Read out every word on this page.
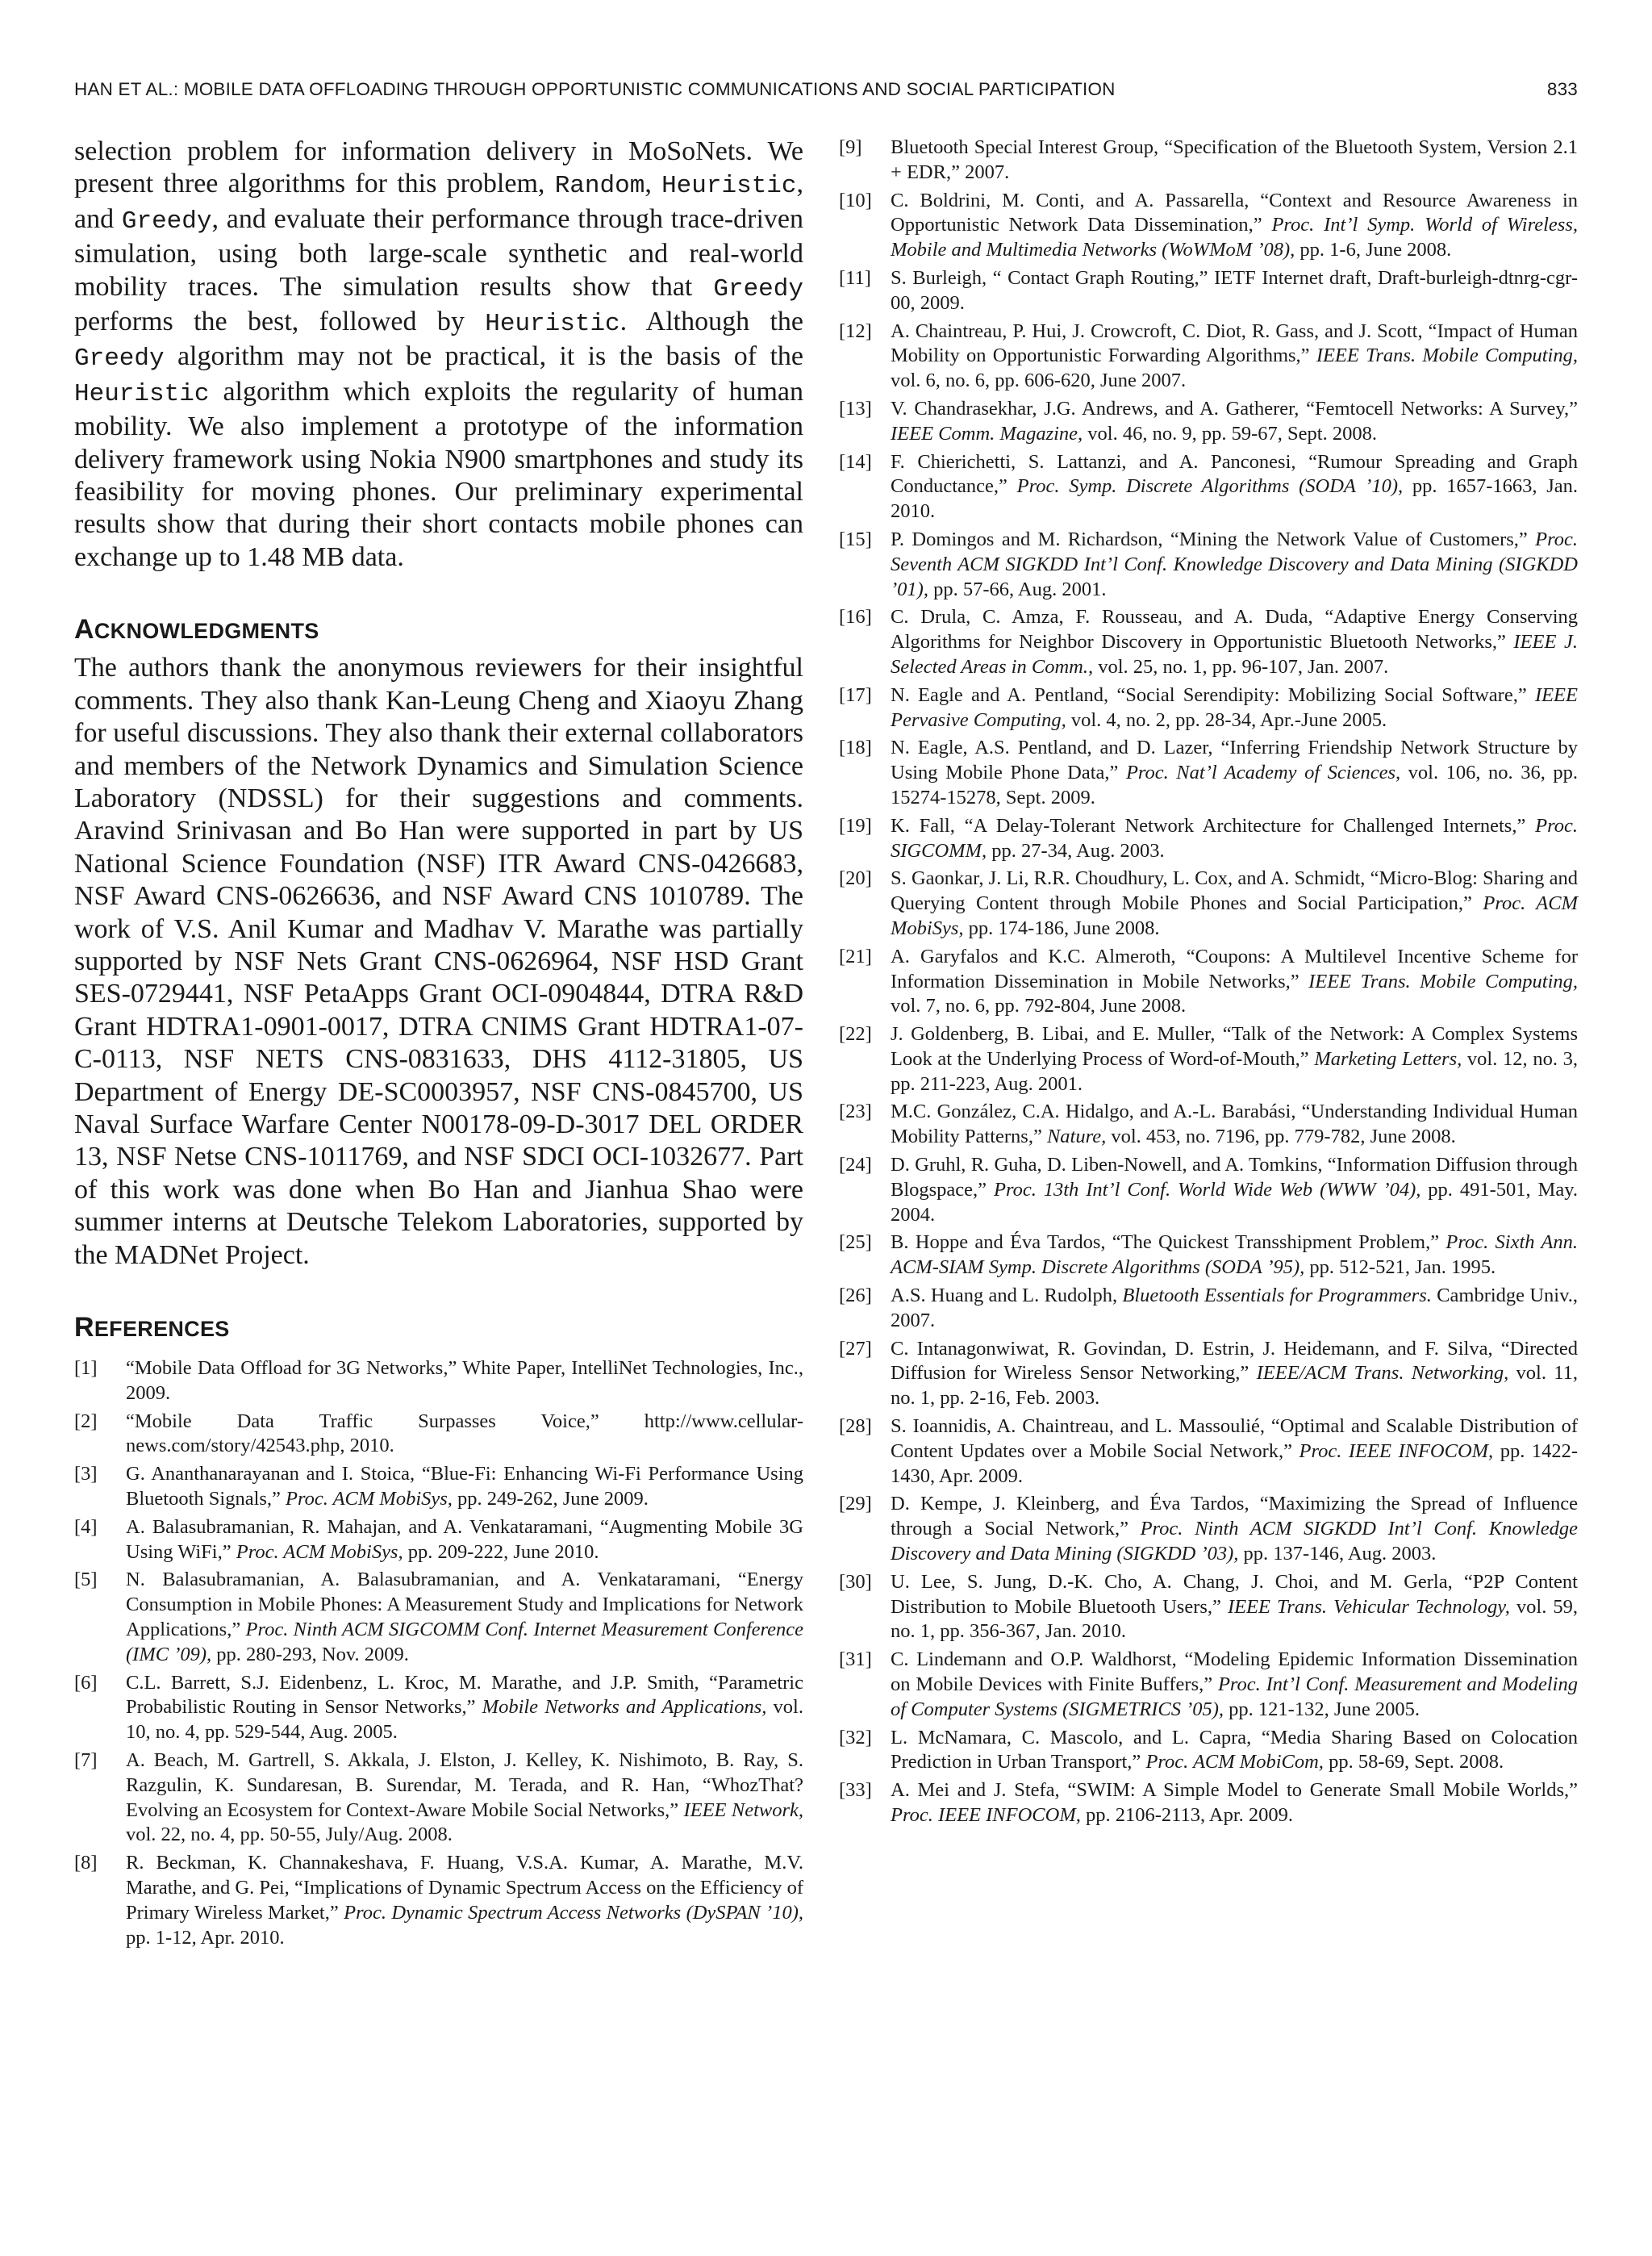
HAN ET AL.: MOBILE DATA OFFLOADING THROUGH OPPORTUNISTIC COMMUNICATIONS AND SOCIAL PARTICIPATION	833

selection problem for information delivery in MoSoNets. We present three algorithms for this problem, Random, Heuristic, and Greedy, and evaluate their performance through trace-driven simulation, using both large-scale synthetic and real-world mobility traces. The simulation results show that Greedy performs the best, followed by Heuristic. Although the Greedy algorithm may not be practical, it is the basis of the Heuristic algorithm which exploits the regularity of human mobility. We also implement a prototype of the information delivery framework using Nokia N900 smartphones and study its feasibility for moving phones. Our preliminary experimental results show that during their short contacts mobile phones can exchange up to 1.48 MB data.

ACKNOWLEDGMENTS

The authors thank the anonymous reviewers for their insightful comments. They also thank Kan-Leung Cheng and Xiaoyu Zhang for useful discussions. They also thank their external collaborators and members of the Network Dynamics and Simulation Science Laboratory (NDSSL) for their suggestions and comments. Aravind Srinivasan and Bo Han were supported in part by US National Science Foundation (NSF) ITR Award CNS-0426683, NSF Award CNS-0626636, and NSF Award CNS 1010789. The work of V.S. Anil Kumar and Madhav V. Marathe was partially supported by NSF Nets Grant CNS-0626964, NSF HSD Grant SES-0729441, NSF PetaApps Grant OCI-0904844, DTRA R&D Grant HDTRA1-0901-0017, DTRA CNIMS Grant HDTRA1-07-C-0113, NSF NETS CNS-0831633, DHS 4112-31805, US Department of Energy DE-SC0003957, NSF CNS-0845700, US Naval Surface Warfare Center N00178-09-D-3017 DEL ORDER 13, NSF Netse CNS-1011769, and NSF SDCI OCI-1032677. Part of this work was done when Bo Han and Jianhua Shao were summer interns at Deutsche Telekom Laboratories, supported by the MADNet Project.

REFERENCES
[1] “Mobile Data Offload for 3G Networks,” White Paper, IntelliNet Technologies, Inc., 2009.
[2] “Mobile Data Traffic Surpasses Voice,” http://www.cellular-news.com/story/42543.php, 2010.
[3] G. Ananthanarayanan and I. Stoica, “Blue-Fi: Enhancing Wi-Fi Performance Using Bluetooth Signals,” Proc. ACM MobiSys, pp. 249-262, June 2009.
[4] A. Balasubramanian, R. Mahajan, and A. Venkataramani, “Augmenting Mobile 3G Using WiFi,” Proc. ACM MobiSys, pp. 209-222, June 2010.
[5] N. Balasubramanian, A. Balasubramanian, and A. Venkataramani, “Energy Consumption in Mobile Phones: A Measurement Study and Implications for Network Applications,” Proc. Ninth ACM SIGCOMM Conf. Internet Measurement Conference (IMC ’09), pp. 280-293, Nov. 2009.
[6] C.L. Barrett, S.J. Eidenbenz, L. Kroc, M. Marathe, and J.P. Smith, “Parametric Probabilistic Routing in Sensor Networks,” Mobile Networks and Applications, vol. 10, no. 4, pp. 529-544, Aug. 2005.
[7] A. Beach, M. Gartrell, S. Akkala, J. Elston, J. Kelley, K. Nishimoto, B. Ray, S. Razgulin, K. Sundaresan, B. Surendar, M. Terada, and R. Han, “WhozThat? Evolving an Ecosystem for Context-Aware Mobile Social Networks,” IEEE Network, vol. 22, no. 4, pp. 50-55, July/Aug. 2008.
[8] R. Beckman, K. Channakeshava, F. Huang, V.S.A. Kumar, A. Marathe, M.V. Marathe, and G. Pei, “Implications of Dynamic Spectrum Access on the Efficiency of Primary Wireless Market,” Proc. Dynamic Spectrum Access Networks (DySPAN ’10), pp. 1-12, Apr. 2010.
[9] Bluetooth Special Interest Group, “Specification of the Bluetooth System, Version 2.1 + EDR,” 2007.
[10] C. Boldrini, M. Conti, and A. Passarella, “Context and Resource Awareness in Opportunistic Network Data Dissemination,” Proc. Int’l Symp. World of Wireless, Mobile and Multimedia Networks (WoWMoM ’08), pp. 1-6, June 2008.
[11] S. Burleigh, “ Contact Graph Routing,” IETF Internet draft, Draft-burleigh-dtnrg-cgr-00, 2009.
[12] A. Chaintreau, P. Hui, J. Crowcroft, C. Diot, R. Gass, and J. Scott, “Impact of Human Mobility on Opportunistic Forwarding Algorithms,” IEEE Trans. Mobile Computing, vol. 6, no. 6, pp. 606-620, June 2007.
[13] V. Chandrasekhar, J.G. Andrews, and A. Gatherer, “Femtocell Networks: A Survey,” IEEE Comm. Magazine, vol. 46, no. 9, pp. 59-67, Sept. 2008.
[14] F. Chierichetti, S. Lattanzi, and A. Panconesi, “Rumour Spreading and Graph Conductance,” Proc. Symp. Discrete Algorithms (SODA ’10), pp. 1657-1663, Jan. 2010.
[15] P. Domingos and M. Richardson, “Mining the Network Value of Customers,” Proc. Seventh ACM SIGKDD Int’l Conf. Knowledge Discovery and Data Mining (SIGKDD ’01), pp. 57-66, Aug. 2001.
[16] C. Drula, C. Amza, F. Rousseau, and A. Duda, “Adaptive Energy Conserving Algorithms for Neighbor Discovery in Opportunistic Bluetooth Networks,” IEEE J. Selected Areas in Comm., vol. 25, no. 1, pp. 96-107, Jan. 2007.
[17] N. Eagle and A. Pentland, “Social Serendipity: Mobilizing Social Software,” IEEE Pervasive Computing, vol. 4, no. 2, pp. 28-34, Apr.-June 2005.
[18] N. Eagle, A.S. Pentland, and D. Lazer, “Inferring Friendship Network Structure by Using Mobile Phone Data,” Proc. Nat’l Academy of Sciences, vol. 106, no. 36, pp. 15274-15278, Sept. 2009.
[19] K. Fall, “A Delay-Tolerant Network Architecture for Challenged Internets,” Proc. SIGCOMM, pp. 27-34, Aug. 2003.
[20] S. Gaonkar, J. Li, R.R. Choudhury, L. Cox, and A. Schmidt, “Micro-Blog: Sharing and Querying Content through Mobile Phones and Social Participation,” Proc. ACM MobiSys, pp. 174-186, June 2008.
[21] A. Garyfalos and K.C. Almeroth, “Coupons: A Multilevel Incentive Scheme for Information Dissemination in Mobile Networks,” IEEE Trans. Mobile Computing, vol. 7, no. 6, pp. 792-804, June 2008.
[22] J. Goldenberg, B. Libai, and E. Muller, “Talk of the Network: A Complex Systems Look at the Underlying Process of Word-of-Mouth,” Marketing Letters, vol. 12, no. 3, pp. 211-223, Aug. 2001.
[23] M.C. González, C.A. Hidalgo, and A.-L. Barabási, “Understanding Individual Human Mobility Patterns,” Nature, vol. 453, no. 7196, pp. 779-782, June 2008.
[24] D. Gruhl, R. Guha, D. Liben-Nowell, and A. Tomkins, “Information Diffusion through Blogspace,” Proc. 13th Int’l Conf. World Wide Web (WWW ’04), pp. 491-501, May. 2004.
[25] B. Hoppe and Éva Tardos, “The Quickest Transshipment Problem,” Proc. Sixth Ann. ACM-SIAM Symp. Discrete Algorithms (SODA ’95), pp. 512-521, Jan. 1995.
[26] A.S. Huang and L. Rudolph, Bluetooth Essentials for Programmers. Cambridge Univ., 2007.
[27] C. Intanagonwiwat, R. Govindan, D. Estrin, J. Heidemann, and F. Silva, “Directed Diffusion for Wireless Sensor Networking,” IEEE/ACM Trans. Networking, vol. 11, no. 1, pp. 2-16, Feb. 2003.
[28] S. Ioannidis, A. Chaintreau, and L. Massoulié, “Optimal and Scalable Distribution of Content Updates over a Mobile Social Network,” Proc. IEEE INFOCOM, pp. 1422-1430, Apr. 2009.
[29] D. Kempe, J. Kleinberg, and Éva Tardos, “Maximizing the Spread of Influence through a Social Network,” Proc. Ninth ACM SIGKDD Int’l Conf. Knowledge Discovery and Data Mining (SIGKDD ’03), pp. 137-146, Aug. 2003.
[30] U. Lee, S. Jung, D.-K. Cho, A. Chang, J. Choi, and M. Gerla, “P2P Content Distribution to Mobile Bluetooth Users,” IEEE Trans. Vehicular Technology, vol. 59, no. 1, pp. 356-367, Jan. 2010.
[31] C. Lindemann and O.P. Waldhorst, “Modeling Epidemic Information Dissemination on Mobile Devices with Finite Buffers,” Proc. Int’l Conf. Measurement and Modeling of Computer Systems (SIGMETRICS ’05), pp. 121-132, June 2005.
[32] L. McNamara, C. Mascolo, and L. Capra, “Media Sharing Based on Colocation Prediction in Urban Transport,” Proc. ACM MobiCom, pp. 58-69, Sept. 2008.
[33] A. Mei and J. Stefa, “SWIM: A Simple Model to Generate Small Mobile Worlds,” Proc. IEEE INFOCOM, pp. 2106-2113, Apr. 2009.
